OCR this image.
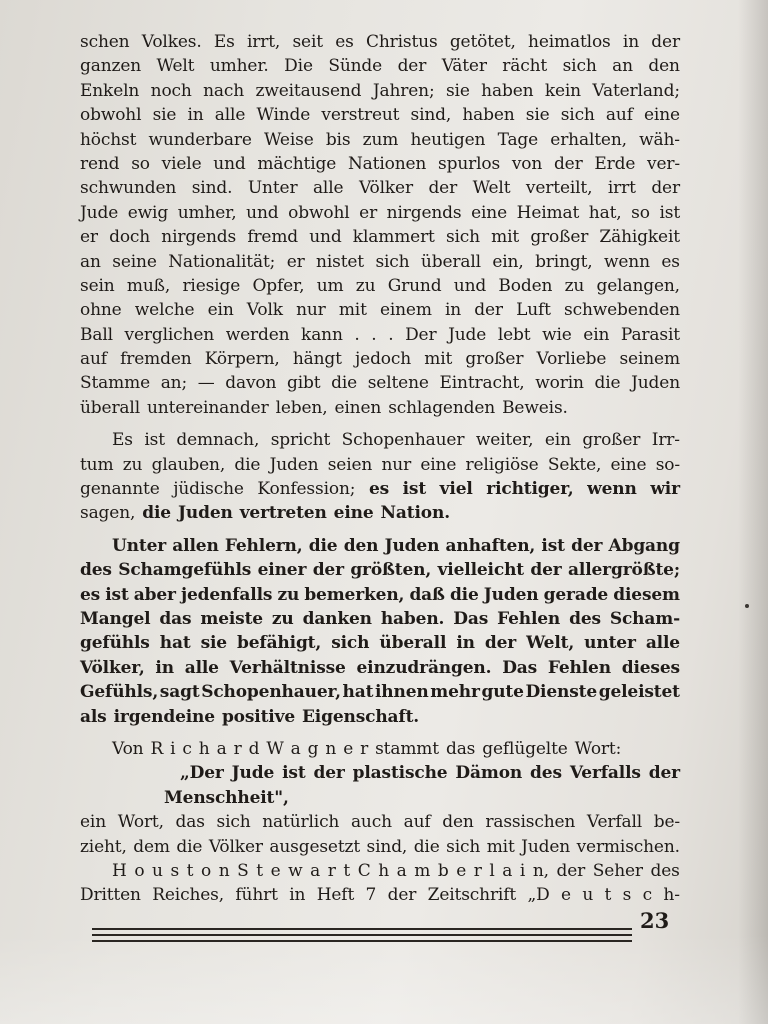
schen Volkes. Es irrt, seit es Christus getötet, heimatlos in der
ganzen Welt umher. Die Sünde der Väter rächt sich an den
Enkeln noch nach zweitausend Jahren; sie haben kein Vaterland;
obwohl sie in alle Winde verstreut sind, haben sie sich auf eine
höchst wunderbare Weise bis zum heutigen Tage erhalten, wäh-
rend so viele und mächtige Nationen spurlos von der Erde ver-
schwunden sind. Unter alle Völker der Welt verteilt, irrt der
Jude ewig umher, und obwohl er nirgends eine Heimat hat, so ist
er doch nirgends fremd und klammert sich mit großer Zähigkeit
an seine Nationalität; er nistet sich überall ein, bringt, wenn es
sein muß, riesige Opfer, um zu Grund und Boden zu gelangen,
ohne welche ein Volk nur mit einem in der Luft schwebenden
Ball verglichen werden kann . . . Der Jude lebt wie ein Parasit
auf fremden Körpern, hängt jedoch mit großer Vorliebe seinem
Stamme an; — davon gibt die seltene Eintracht, worin die Juden
überall untereinander leben, einen schlagenden Beweis.
Es ist demnach, spricht Schopenhauer weiter, ein großer Irr-
tum zu glauben, die Juden seien nur eine religiöse Sekte, eine so-
genannte jüdische Konfession; es ist viel richtiger, wenn wir
sagen, die Juden vertreten eine Nation.
Unter allen Fehlern, die den Juden anhaften, ist der Abgang
des Schamgefühls einer der größten, vielleicht der allergrößte;
es ist aber jedenfalls zu bemerken, daß die Juden gerade diesem
Mangel das meiste zu danken haben. Das Fehlen des Scham-
gefühls hat sie befähigt, sich überall in der Welt, unter alle
Völker, in alle Verhältnisse einzudrängen. Das Fehlen dieses
Gefühls, sagt Schopenhauer, hat ihnen mehr gute Dienste geleistet
als irgendeine positive Eigenschaft.
Von R i c h a r d W a g n e r stammt das geflügelte Wort:
„Der Jude ist der plastische Dämon des Verfalls der
Menschheit",
ein Wort, das sich natürlich auch auf den rassischen Verfall be-
zieht, dem die Völker ausgesetzt sind, die sich mit Juden vermischen.
H o u s t o n S t e w a r t C h a m b e r l a i n, der Seher des
Dritten Reiches, führt in Heft 7 der Zeitschrift „D e u t s c h-
23
